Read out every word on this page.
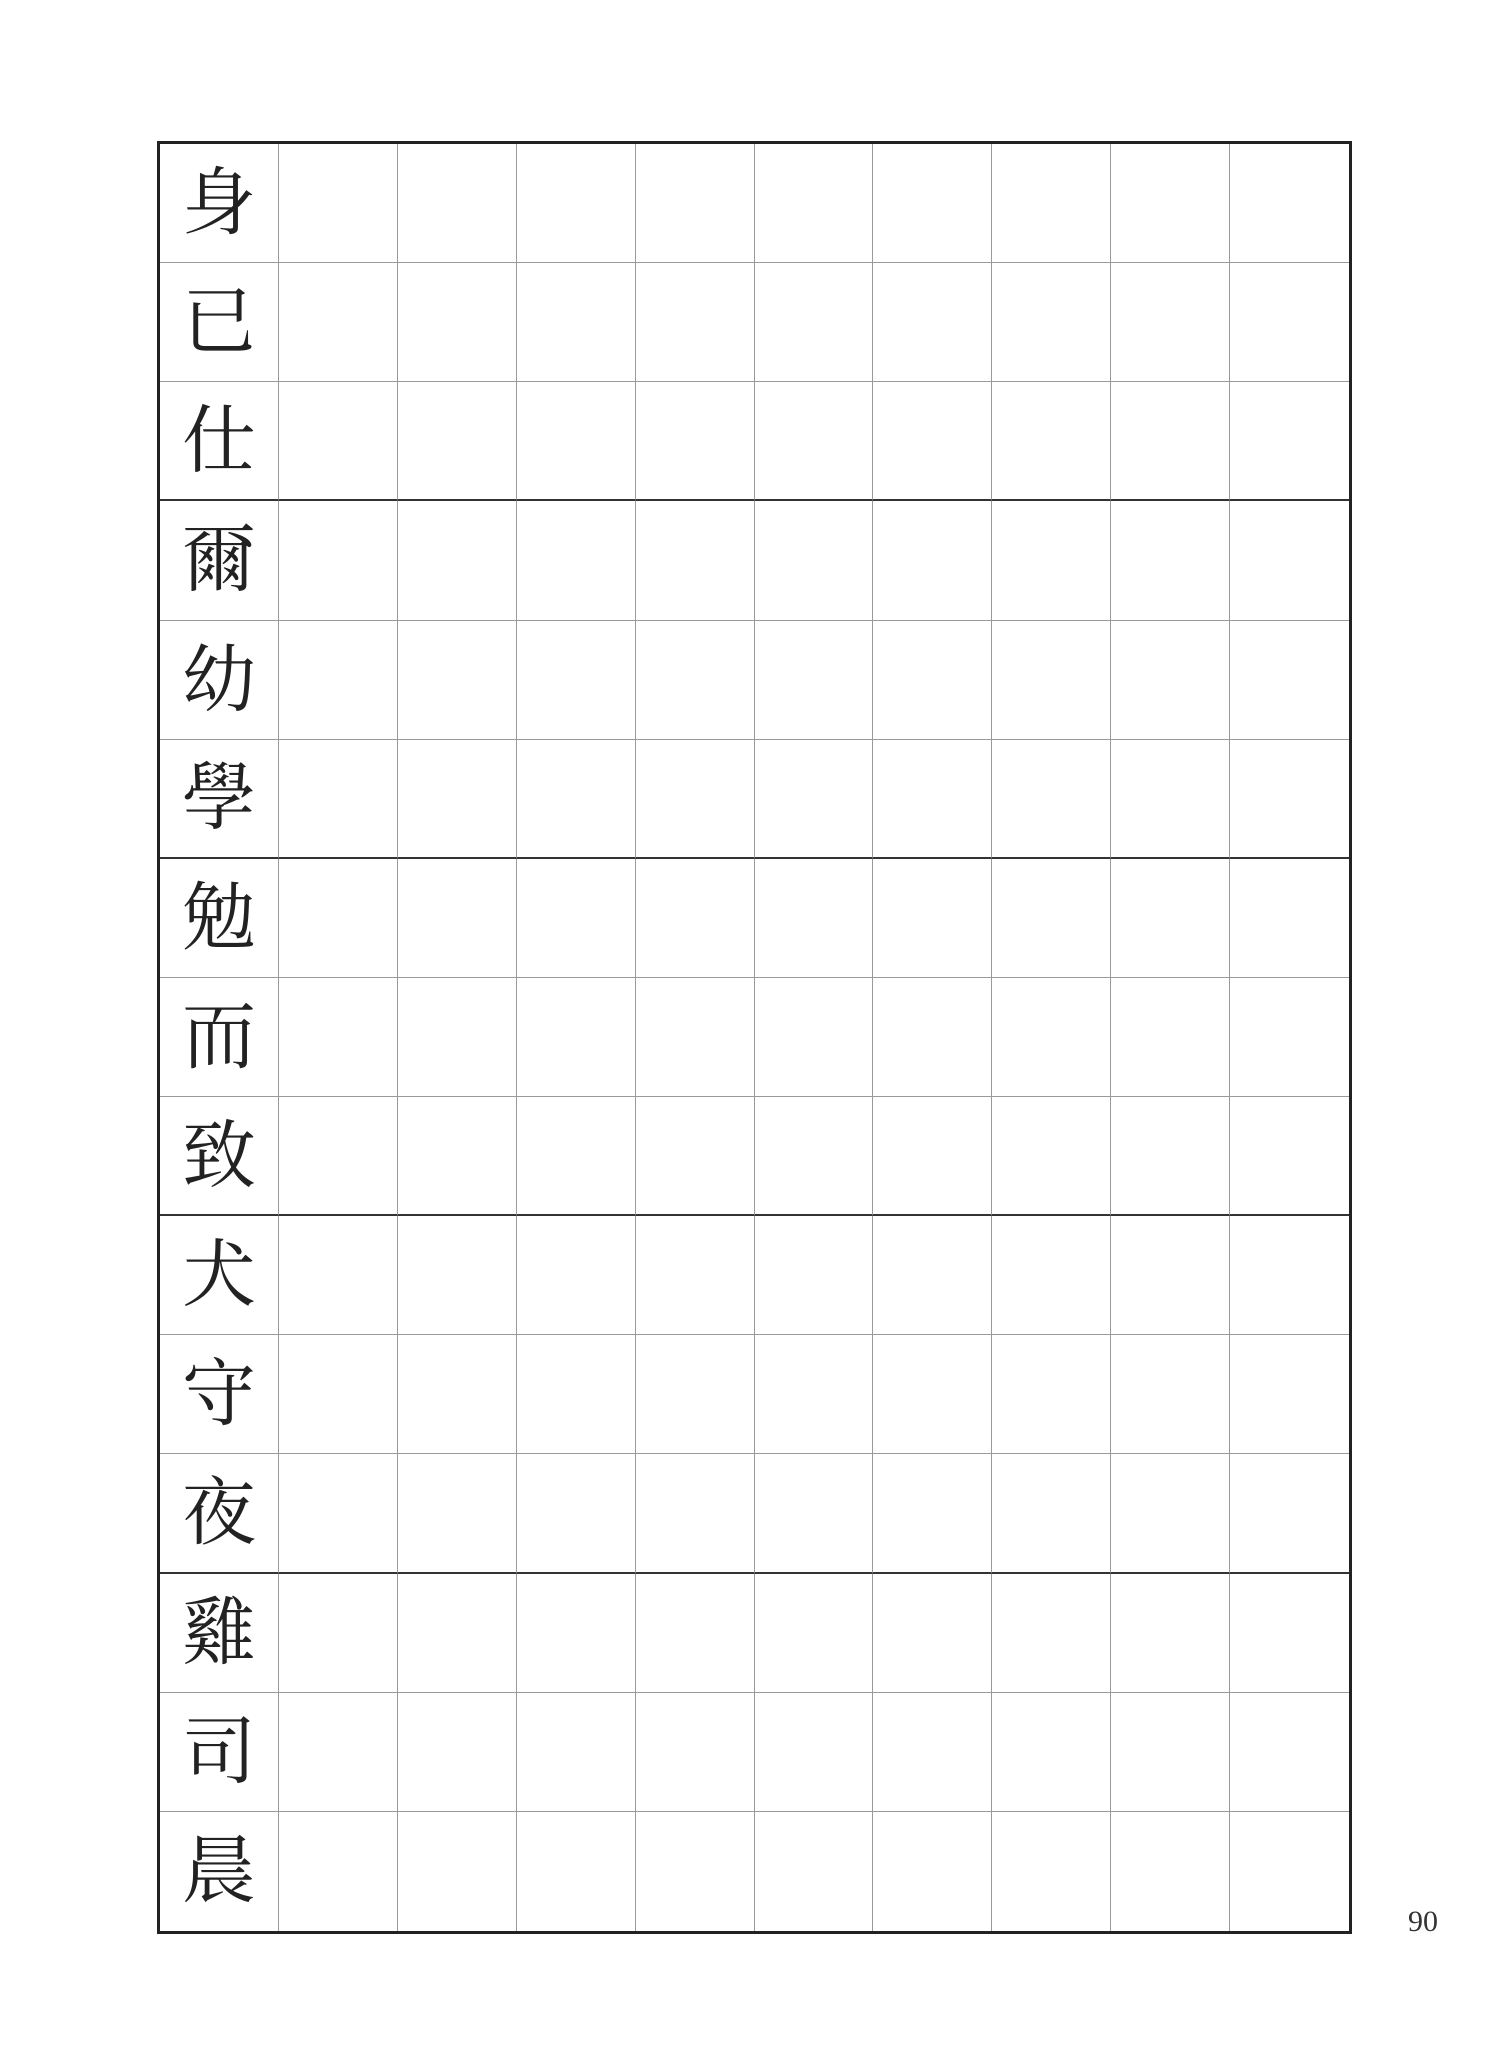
身
已
仕
爾
幼
學
勉
而
致
犬
守
夜
雞
司
晨
90
